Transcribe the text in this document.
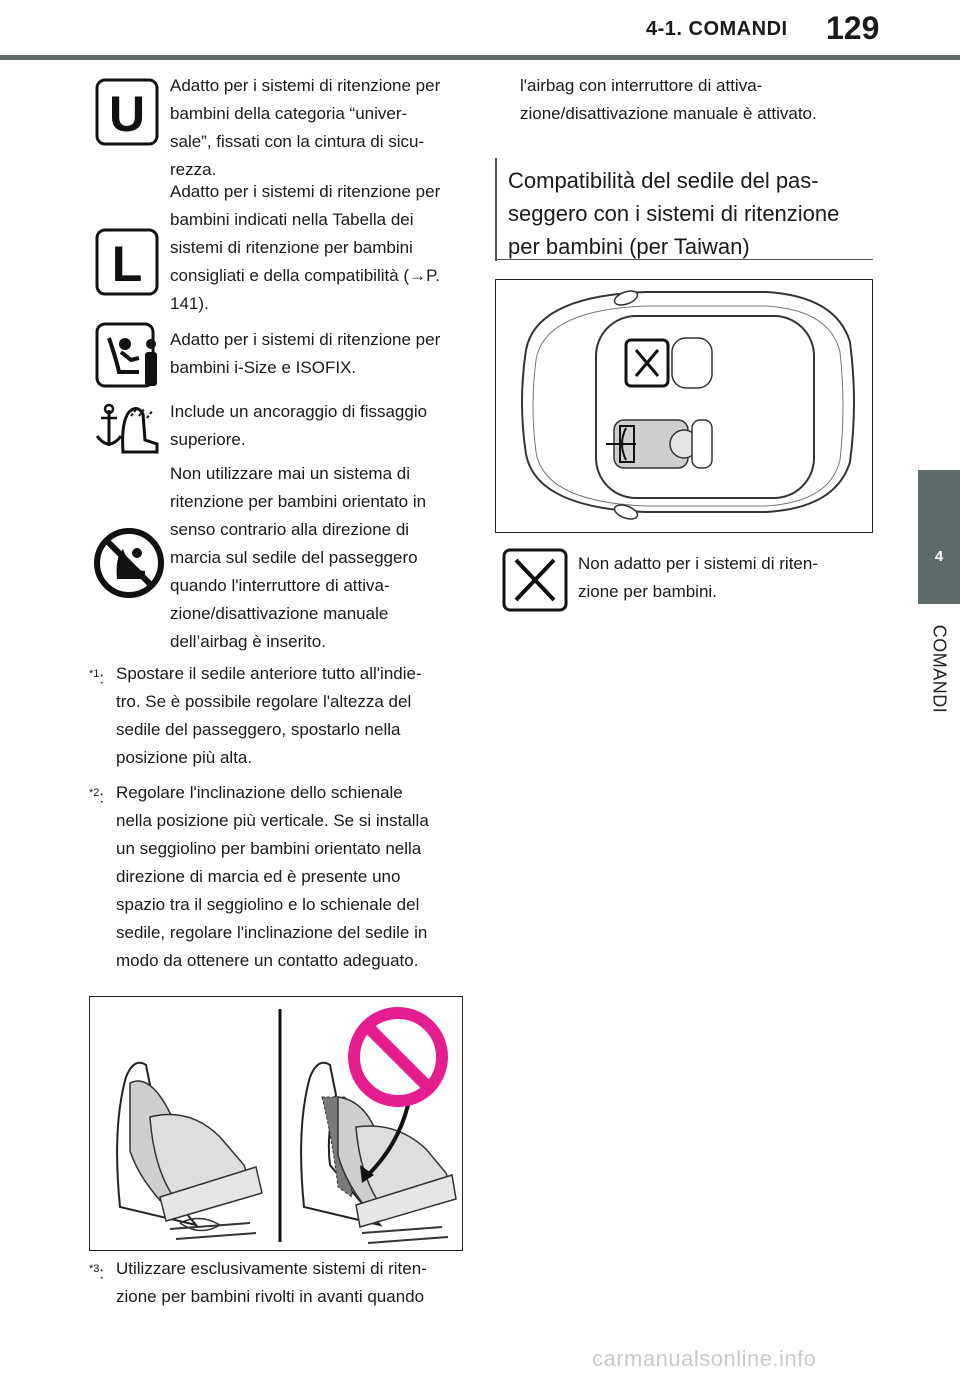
4-1. COMANDI 129
4
COMANDI
U
L
Adatto per i sistemi di ritenzione per
bambini della categoria “univer-
sale”, fissati con la cintura di sicu-
rezza.
Adatto per i sistemi di ritenzione per
bambini indicati nella Tabella dei
sistemi di ritenzione per bambini
consigliati e della compatibilità (→P.
141).
Adatto per i sistemi di ritenzione per
bambini i-Size e ISOFIX.
Include un ancoraggio di fissaggio
superiore.
Non utilizzare mai un sistema di
ritenzione per bambini orientato in
senso contrario alla direzione di
marcia sul sedile del passeggero
quando l'interruttore di attiva-
zione/disattivazione manuale
dell’airbag è inserito.
$^{*1}$: Spostare il sedile anteriore tutto all'indie-
tro. Se è possibile regolare l'altezza del
sedile del passeggero, spostarlo nella
posizione più alta.
$^{*2}$: Regolare l'inclinazione dello schienale
nella posizione più verticale. Se si installa
un seggiolino per bambini orientato nella
direzione di marcia ed è presente uno
spazio tra il seggiolino e lo schienale del
sedile, regolare l'inclinazione del sedile in
modo da ottenere un contatto adeguato.
$^{*3}$: Utilizzare esclusivamente sistemi di riten-
zione per bambini rivolti in avanti quando
l'airbag con interruttore di attiva-
zione/disattivazione manuale è attivato.
Compatibilità del sedile del pas- seggero con i sistemi di ritenzione per bambini (per Taiwan)
Non adatto per i sistemi di riten-
zione per bambini.
carmanualsonline.info
